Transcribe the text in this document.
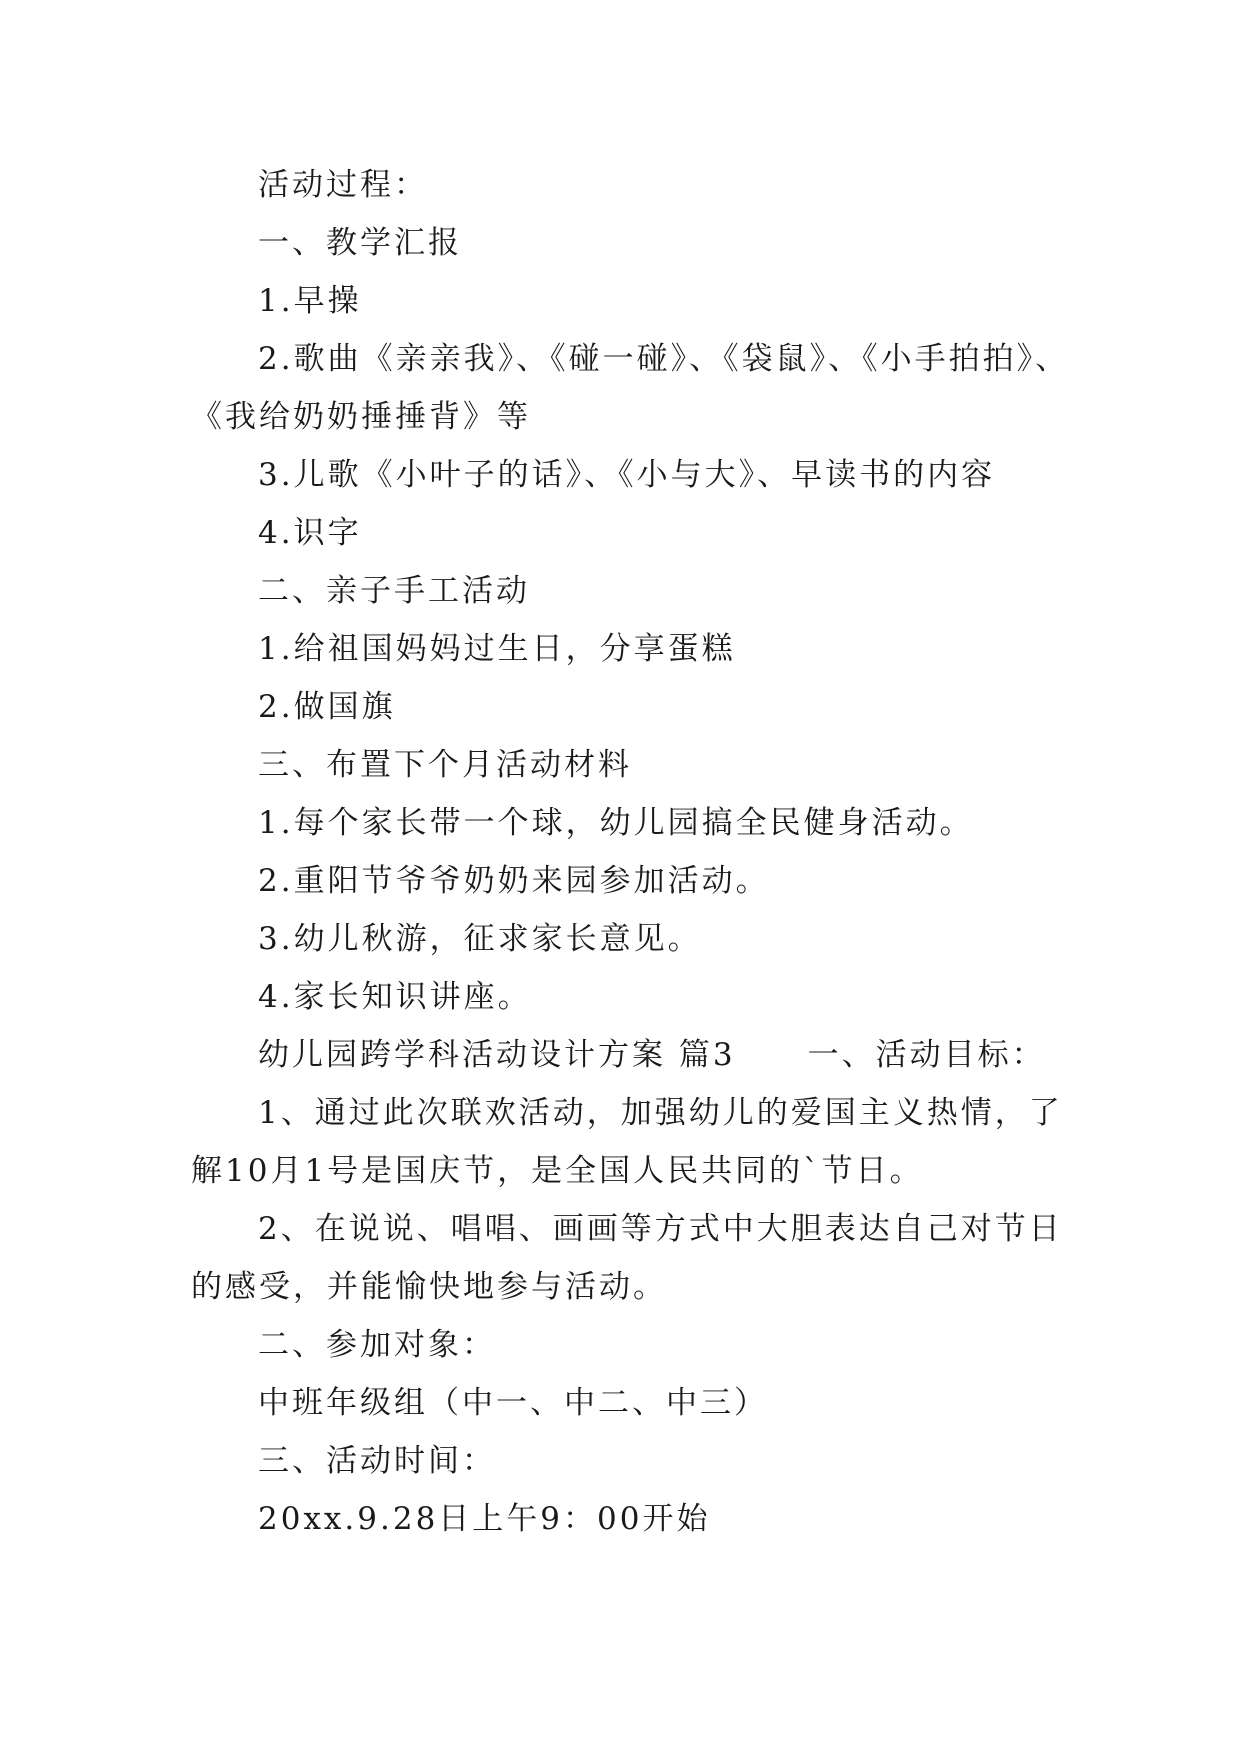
活动过程：
一、教学汇报
1.早操
2.歌曲《亲亲我》、《碰一碰》、《袋鼠》、《小手拍拍》、
《我给奶奶捶捶背》等
3.儿歌《小叶子的话》、《小与大》、早读书的内容
4.识字
二、亲子手工活动
1.给祖国妈妈过生日，分享蛋糕
2.做国旗
三、布置下个月活动材料
1.每个家长带一个球，幼儿园搞全民健身活动。
2.重阳节爷爷奶奶来园参加活动。
3.幼儿秋游，征求家长意见。
4.家长知识讲座。
幼儿园跨学科活动设计方案 篇3 一、活动目标：
1、通过此次联欢活动，加强幼儿的爱国主义热情，了
解10月1号是国庆节，是全国人民共同的`节日。
2、在说说、唱唱、画画等方式中大胆表达自己对节日
的感受，并能愉快地参与活动。
二、参加对象：
中班年级组（中一、中二、中三）
三、活动时间：
20xx.9.28日上午9：00开始
